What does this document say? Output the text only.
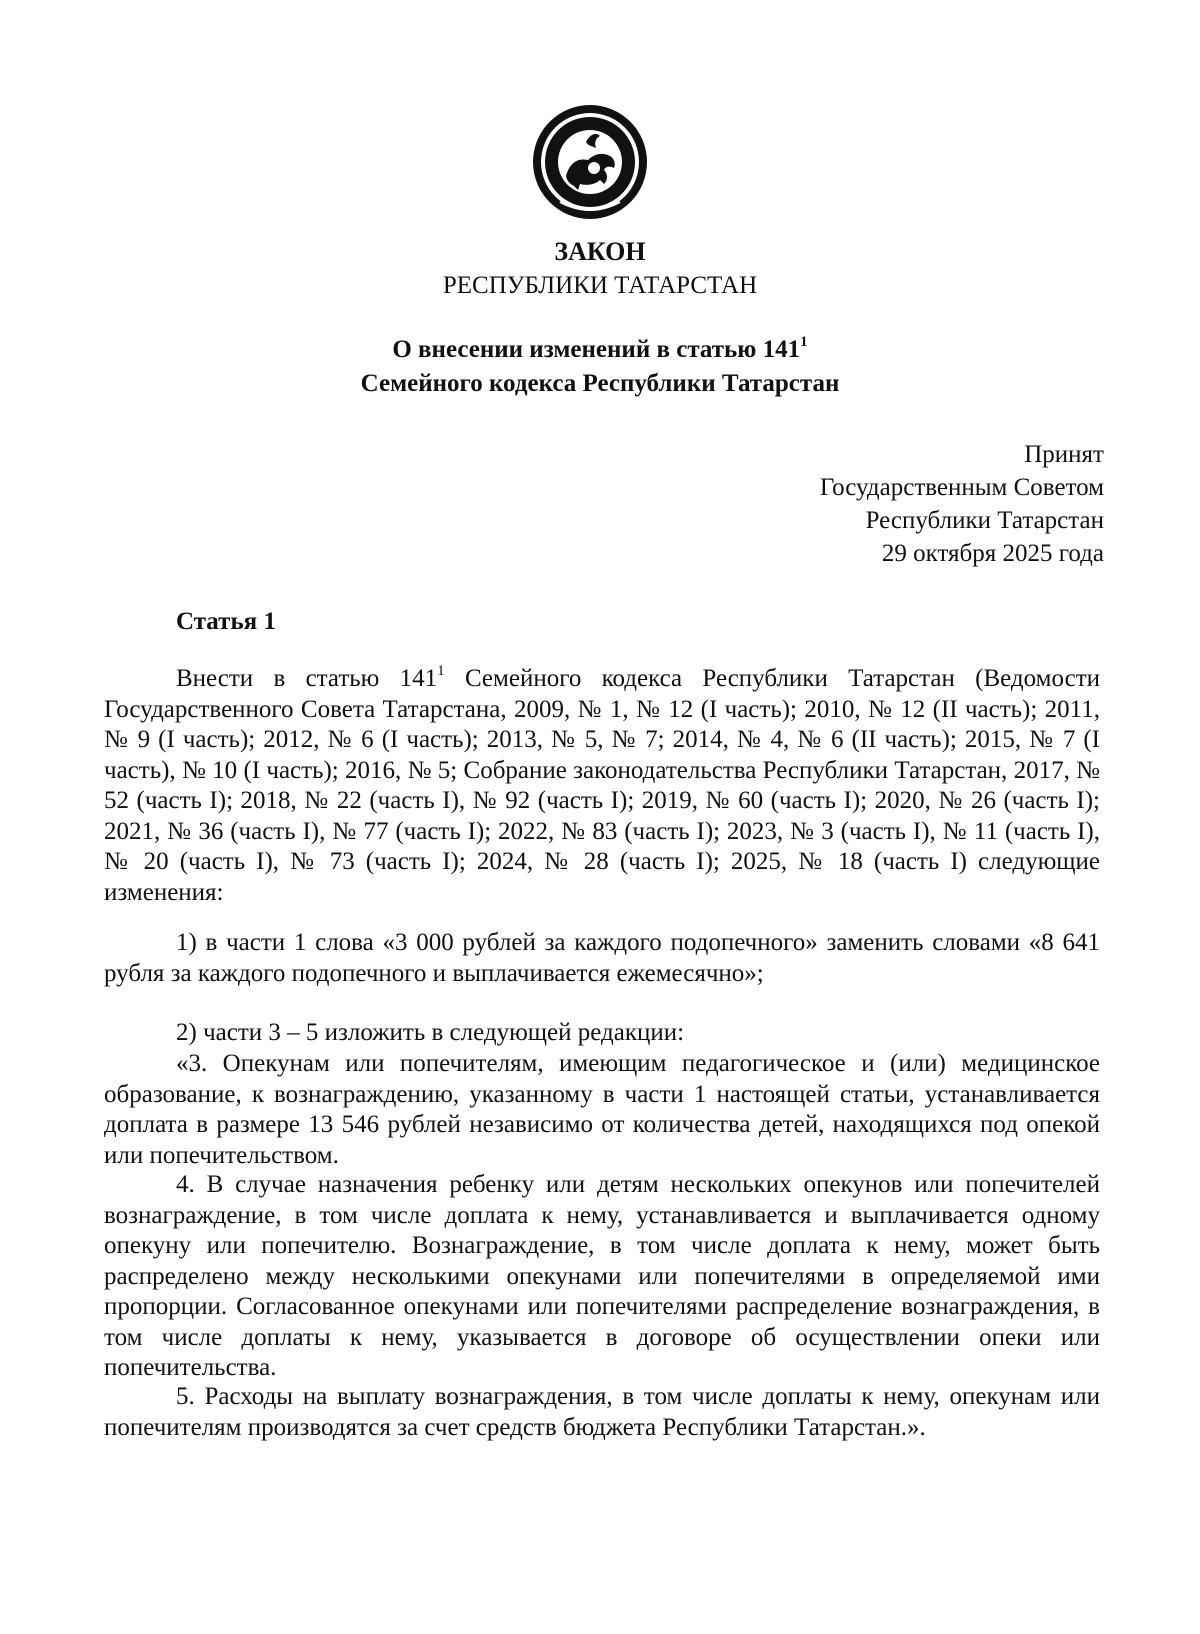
ЗАКОН
РЕСПУБЛИКИ ТАТАРСТАН
О внесении изменений в статью $141^1$
Семейного кодекса Республики Татарстан
Принят
Государственным Советом
Республики Татарстан
29 октября 2025 года
Статья 1
Внести в статью $141^1$ Семейного кодекса Республики Татарстан (Ведомости Государственного Совета Татарстана, 2009, № 1, № 12 (I часть); 2010, № 12 (II часть); 2011, № 9 (I часть); 2012, № 6 (I часть); 2013, № 5, № 7; 2014, № 4, № 6 (II часть); 2015, № 7 (I часть), № 10 (I часть); 2016, № 5; Собрание законодательства Республики Татарстан, 2017, № 52 (часть I); 2018, № 22 (часть I), № 92 (часть I); 2019, № 60 (часть I); 2020, № 26 (часть I); 2021, № 36 (часть I), № 77 (часть I); 2022, № 83 (часть I); 2023, № 3 (часть I), № 11 (часть I), № 20 (часть I), № 73 (часть I); 2024, № 28 (часть I); 2025, № 18 (часть I) следующие изменения:
1) в части 1 слова «3 000 рублей за каждого подопечного» заменить словами «8 641 рубля за каждого подопечного и выплачивается ежемесячно»;
2) части 3 – 5 изложить в следующей редакции:
«3. Опекунам или попечителям, имеющим педагогическое и (или) медицинское образование, к вознаграждению, указанному в части 1 настоящей статьи, устанавливается доплата в размере 13 546 рублей независимо от количества детей, находящихся под опекой или попечительством.
4. В случае назначения ребенку или детям нескольких опекунов или попечителей вознаграждение, в том числе доплата к нему, устанавливается и выплачивается одному опекуну или попечителю. Вознаграждение, в том числе доплата к нему, может быть распределено между несколькими опекунами или попечителями в определяемой ими пропорции. Согласованное опекунами или попечителями распределение вознаграждения, в том числе доплаты к нему, указывается в договоре об осуществлении опеки или попечительства.
5. Расходы на выплату вознаграждения, в том числе доплаты к нему, опекунам или попечителям производятся за счет средств бюджета Республики Татарстан.».
